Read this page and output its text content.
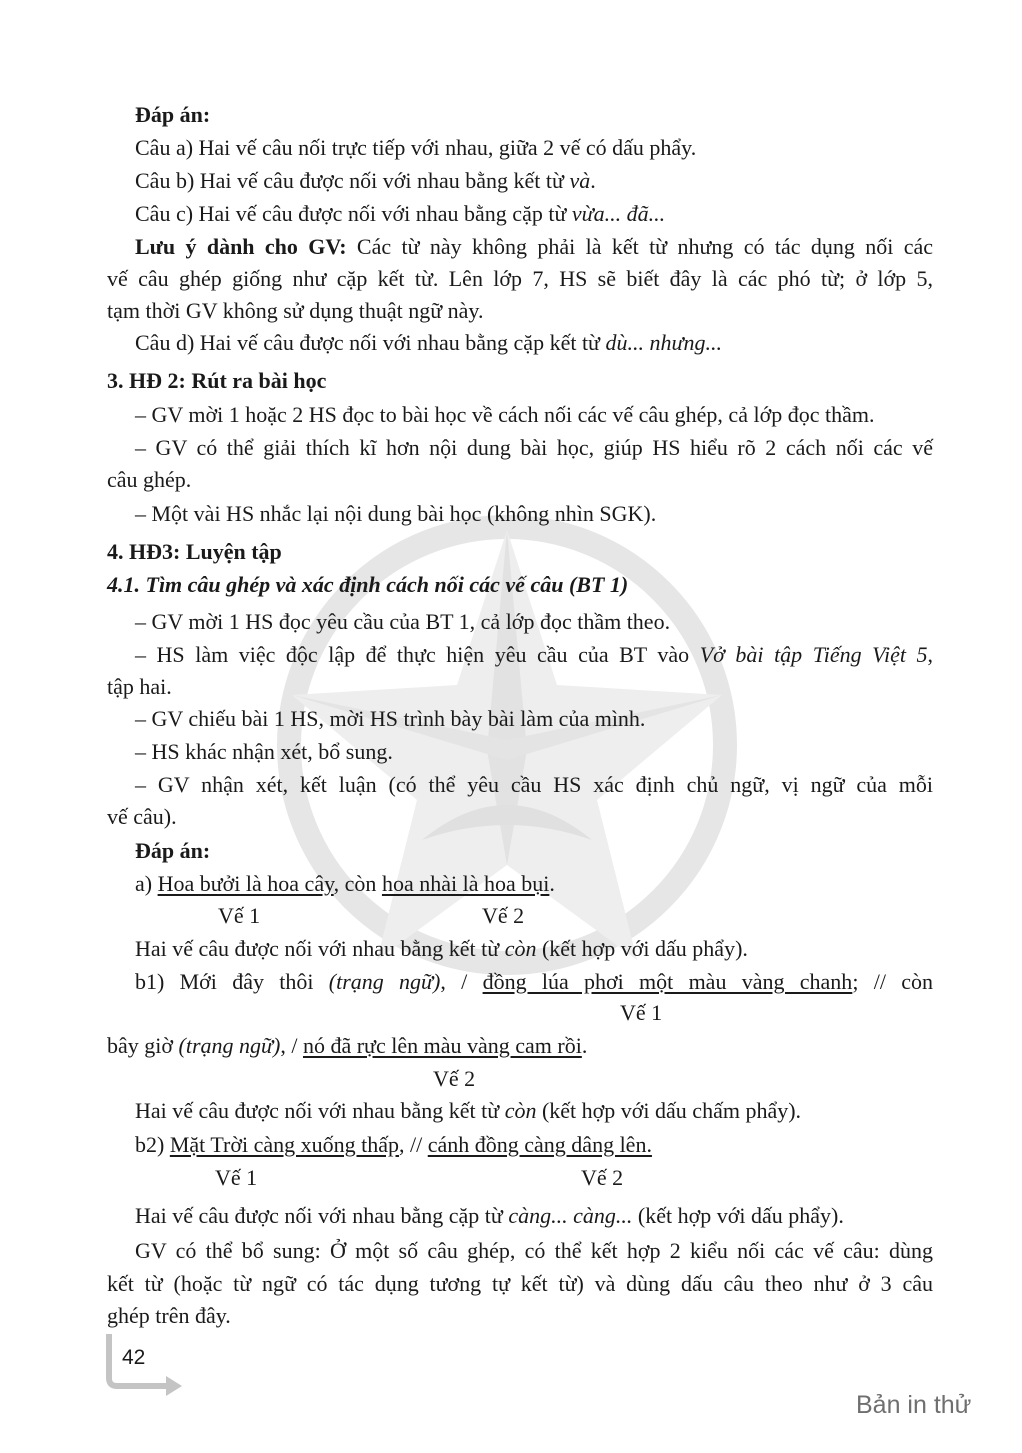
Đáp án:
Câu a) Hai vế câu nối trực tiếp với nhau, giữa 2 vế có dấu phẩy.
Câu b) Hai vế câu được nối với nhau bằng kết từ và.
Câu c) Hai vế câu được nối với nhau bằng cặp từ vừa... đã...
Lưu ý dành cho GV: Các từ này không phải là kết từ nhưng có tác dụng nối các
vế câu ghép giống như cặp kết từ. Lên lớp 7, HS sẽ biết đây là các phó từ; ở lớp 5,
tạm thời GV không sử dụng thuật ngữ này.
Câu d) Hai vế câu được nối với nhau bằng cặp kết từ dù... nhưng...
3. HĐ 2: Rút ra bài học
– GV mời 1 hoặc 2 HS đọc to bài học về cách nối các vế câu ghép, cả lớp đọc thầm.
– GV có thể giải thích kĩ hơn nội dung bài học, giúp HS hiểu rõ 2 cách nối các vế
câu ghép.
– Một vài HS nhắc lại nội dung bài học (không nhìn SGK).
4. HĐ3: Luyện tập
4.1. Tìm câu ghép và xác định cách nối các vế câu (BT 1)
– GV mời 1 HS đọc yêu cầu của BT 1, cả lớp đọc thầm theo.
– HS làm việc độc lập để thực hiện yêu cầu của BT vào Vở bài tập Tiếng Việt 5,
tập hai.
– GV chiếu bài 1 HS, mời HS trình bày bài làm của mình.
– HS khác nhận xét, bổ sung.
– GV nhận xét, kết luận (có thể yêu cầu HS xác định chủ ngữ, vị ngữ của mỗi
vế câu).
Đáp án:
a) Hoa bưởi là hoa cây, còn hoa nhài là hoa bụi.
Vế 1	Vế 2
Hai vế câu được nối với nhau bằng kết từ còn (kết hợp với dấu phẩy).
b1) Mới đây thôi (trạng ngữ), / đồng lúa phơi một màu vàng chanh; // còn
Vế 1
bây giờ (trạng ngữ), / nó đã rực lên màu vàng cam rồi.
Vế 2
Hai vế câu được nối với nhau bằng kết từ còn (kết hợp với dấu chấm phẩy).
b2) Mặt Trời càng xuống thấp, // cánh đồng càng dâng lên.
Vế 1	Vế 2
Hai vế câu được nối với nhau bằng cặp từ càng... càng... (kết hợp với dấu phẩy).
GV có thể bổ sung: Ở một số câu ghép, có thể kết hợp 2 kiểu nối các vế câu: dùng
kết từ (hoặc từ ngữ có tác dụng tương tự kết từ) và dùng dấu câu theo như ở 3 câu
ghép trên đây.
42
Bản in thử
